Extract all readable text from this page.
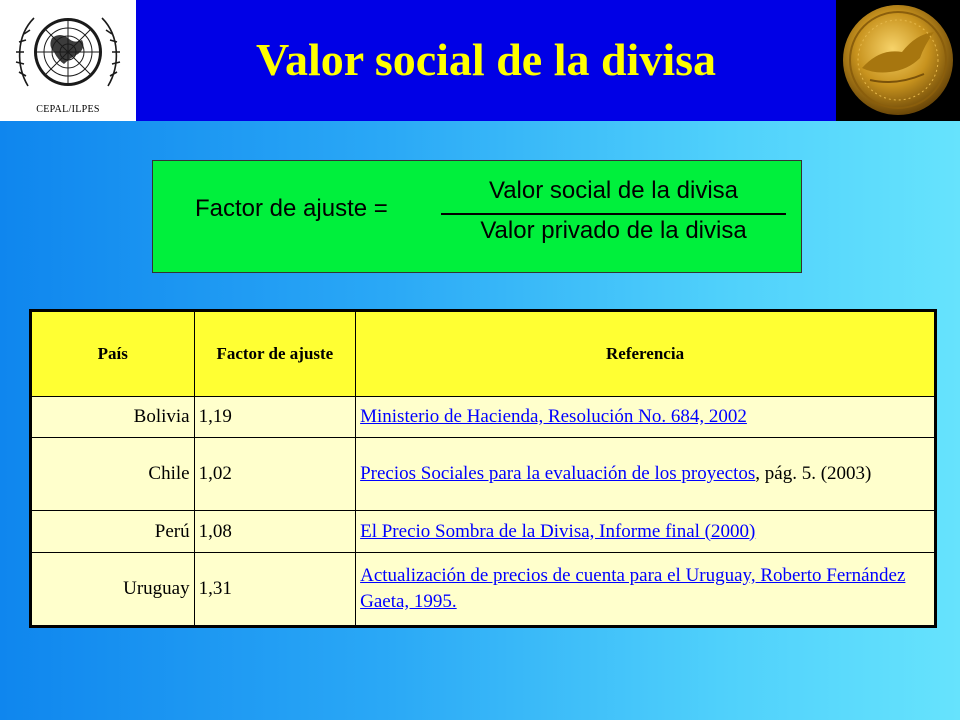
CEPAL/ILPES
Valor social de la divisa
Factor de ajuste =
Valor social de la divisa
Valor privado de la divisa
País	Factor de ajuste	Referencia
Bolivia	1,19	Ministerio de Hacienda, Resolución No. 684, 2002
Chile	1,02	Precios Sociales para la evaluación de los proyectos, pág. 5. (2003)
Perú	1,08	El Precio Sombra de la Divisa, Informe final (2000)
Uruguay	1,31	Actualización de precios de cuenta para el Uruguay, Roberto Fernández Gaeta, 1995.
